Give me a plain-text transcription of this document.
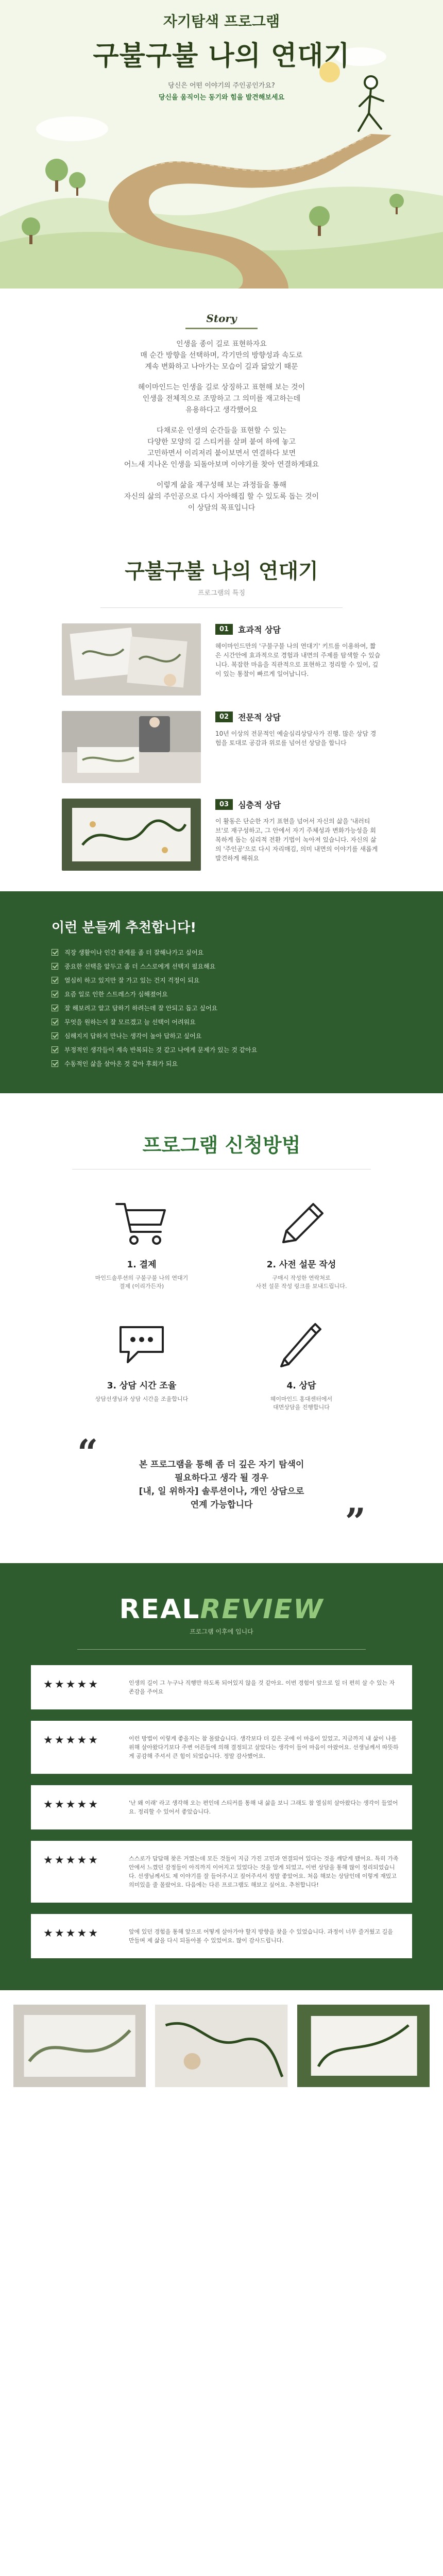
자기탐색 프로그램
구불구불 나의 연대기
당신은 어떤 이야기의 주인공인가요?
당신을 움직이는 동기와 힘을 발견해보세요
Story

인생을 종이 길로 표현하자요
매 순간 방향을 선택하며, 각기만의 방향성과 속도로
계속 변화하고 나아가는 모습이 길과 닮았기 때문

헤이마인드는 인생을 길로 상징하고 표현해 보는 것이
인생을 전체적으로 조망하고 그 의미를 재고하는데
유용하다고 생각했어요

다채로운 인생의 순간들을 표현할 수 있는
다양한 모양의 길 스티커를 살펴 붙여 하에 놓고
고민하면서 이리저리 붙이보면서 연결하다 보면
어느새 지나온 인생을 되돌아보며 이야기를 찾아 연결하게돼요

이렇게 삶을 재구성해 보는 과정들을 통해
자신의 삶의 주인공으로 다시 자아해집 할 수 있도록 돕는 것이
이 상담의 목표입니다

구불구불 나의 연대기
프로그램의 특징
01	효과적 상담
헤이마인드만의 '구불구불 나의 연대기' 키트를 이용하여, 짧은 시간안에 효과적으로 경험과 내면의 주제를 탐색할 수 있습니다. 복잡한 마음을 직관적으로 표현하고 정리할 수 있어, 깊이 있는 통찰이 빠르게 일어납니다.
02	전문적 상담
10년 이상의 전문적인 예술심리상담사가 진행. 많은 상담 경험을 토대로 공감과 위로를 넘어선 상담을 합니다
03	심층적 상담
이 활동은 단순한 자기 표현을 넘어서 자신의 삶을 '내러티브'로 재구성하고, 그 안에서 자기 주체성과 변화가능성을 회복하게 돕는 심리적 전환 기법이 녹아져 있습니다. 자신의 삶의 '주인공'으로 다시 자리매김, 의미 내면의 이야기를 새롭게 발견하게 해줘요
이런 분들께 추천합니다!
직장 생활이나 인간 관계를 좀 더 잘해나가고 싶어요
중요한 선택을 앞두고 좀 더 스스로에게 선택지 필요해요
열심히 하고 있지만 잘 가고 있는 건지 걱정이 되요
요즘 일로 인한 스트레스가 심해졌어요
잘 해보려고 알고 답하기 하려는데 잘 안되고 돕고 싶어요
무엇을 원하는지 잘 모르겠고 늘 선택이 어려워요
심해지지 답하지 만나는 생각이 높아 답하고 싶어요
부정적인 생각들이 계속 반복되는 것 같고 나에게 문제가 있는 것 같아요
수동적인 삶을 살아온 것 같아 후회가 되요
프로그램 신청방법
1. 결제
마인드솔루션의 구불구불 나의 연대기
결제 (이리가든자)
2. 사전 설문 작성
구매시 작성한 연락처로
사전 설문 작성 링크를 보내드립니다.
3. 상담 시간 조율
상담선생님과 상담 시간을 조율합니다
4. 상담
헤이마인드 홍대센터에서
대면상담을 진행합니다
“	본 프로그램을 통해 좀 더 깊은 자기 탐색이
필요하다고 생각 될 경우
[내, 일 위하자] 솔루션이나, 개인 상담으로
연계 가능합니다	”
REALREVIEW
프로그램 이후에 입니다
★★★★★	인생의 길이 그 누구나 직행만 하도록 되어있지 않을 것 같아요. 이번 경험이 앞으로 일 더 편히 살 수 있는 자존감을 주어요
★★★★★	이런 방법이 이렇게 좋을지는 참 몰랐습니다. 생각보다 더 깊은 곳에 이 마음이 있었고, 지금까지 내 삶이 나를 위해 살아왔다기보다 주변 어른들에 의해 결정되고 살았다는 생각이 들어 마음이 아팠어요. 선생님께서 따뜻하게 공감해 주셔서 큰 힘이 되었습니다. 정말 감사했어요.
★★★★★	'난 왜 이래' 라고 생각해 오는 편인데 스티커를 통해 내 삶을 보니 그래도 참 열심히 살아왔다는 생각이 들었어요. 정리할 수 있어서 좋았습니다.
★★★★★	스스로가 답답해 찾은 거였는데 모든 것들이 지금 가진 고민과 연결되어 있다는 것을 깨닫게 됐어요. 특히 가족 안에서 느꼈던 감정들이 아직까지 이어지고 있었다는 것을 알게 되었고, 이번 상담을 통해 많이 정리되었습니다. 선생님께서도 제 이야기를 잘 들어주시고 짚어주셔서 정말 좋았어요. 처음 해보는 상담인데 이렇게 재밌고 의미있을 줄 몰랐어요. 다음에는 다른 프로그램도 해보고 싶어요. 추천합니다!
★★★★★	앞에 있던 경험을 통해 앞으로 어떻게 살아가야 할지 방향을 찾을 수 있었습니다. 과정이 너무 즐거웠고 길을 만들며 제 삶을 다시 되돌아볼 수 있었어요. 많이 감사드립니다.
